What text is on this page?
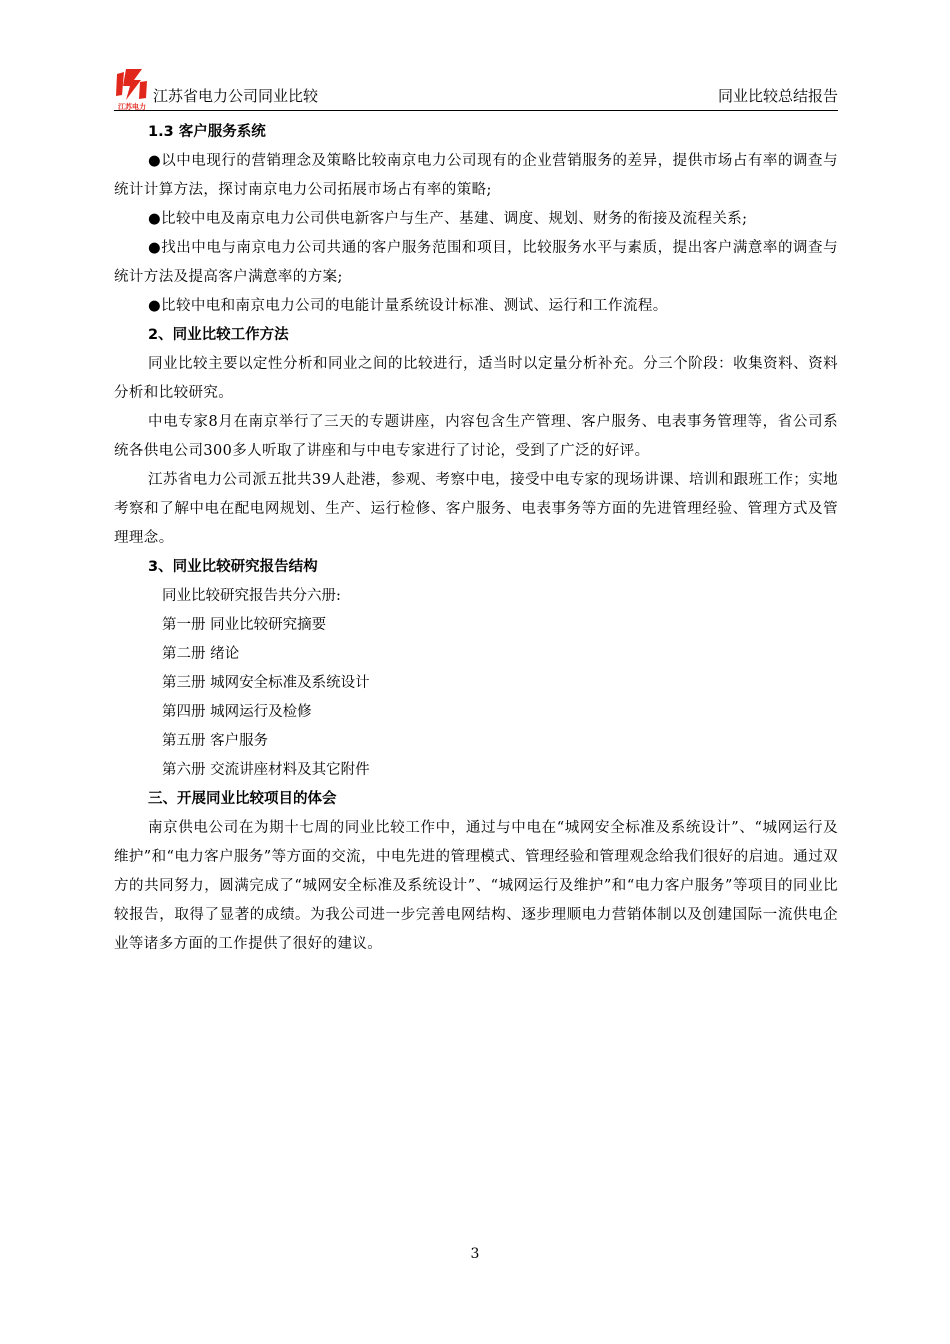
江苏电力
江苏省电力公司同业比较	同业比较总结报告
1.3 客户服务系统

●以中电现行的营销理念及策略比较南京电力公司现有的企业营销服务的差异，提供市场占有率的调查与统计计算方法，探讨南京电力公司拓展市场占有率的策略;

●比较中电及南京电力公司供电新客户与生产、基建、调度、规划、财务的衔接及流程关系;

●找出中电与南京电力公司共通的客户服务范围和项目，比较服务水平与素质，提出客户满意率的调查与统计方法及提高客户满意率的方案;

●比较中电和南京电力公司的电能计量系统设计标准、测试、运行和工作流程。

2、同业比较工作方法

同业比较主要以定性分析和同业之间的比较进行，适当时以定量分析补充。分三个阶段：收集资料、资料分析和比较研究。

中电专家8月在南京举行了三天的专题讲座，内容包含生产管理、客户服务、电表事务管理等，省公司系统各供电公司300多人听取了讲座和与中电专家进行了讨论，受到了广泛的好评。

江苏省电力公司派五批共39人赴港，参观、考察中电，接受中电专家的现场讲课、培训和跟班工作；实地考察和了解中电在配电网规划、生产、运行检修、客户服务、电表事务等方面的先进管理经验、管理方式及管理理念。

3、同业比较研究报告结构
同业比较研究报告共分六册:
第一册 同业比较研究摘要
第二册 绪论
第三册 城网安全标准及系统设计
第四册 城网运行及检修
第五册 客户服务
第六册 交流讲座材料及其它附件
三、开展同业比较项目的体会

南京供电公司在为期十七周的同业比较工作中，通过与中电在“城网安全标准及系统设计”、“城网运行及维护”和“电力客户服务”等方面的交流，中电先进的管理模式、管理经验和管理观念给我们很好的启迪。通过双方的共同努力，圆满完成了“城网安全标准及系统设计”、“城网运行及维护”和“电力客户服务”等项目的同业比较报告，取得了显著的成绩。为我公司进一步完善电网结构、逐步理顺电力营销体制以及创建国际一流供电企业等诸多方面的工作提供了很好的建议。

3
